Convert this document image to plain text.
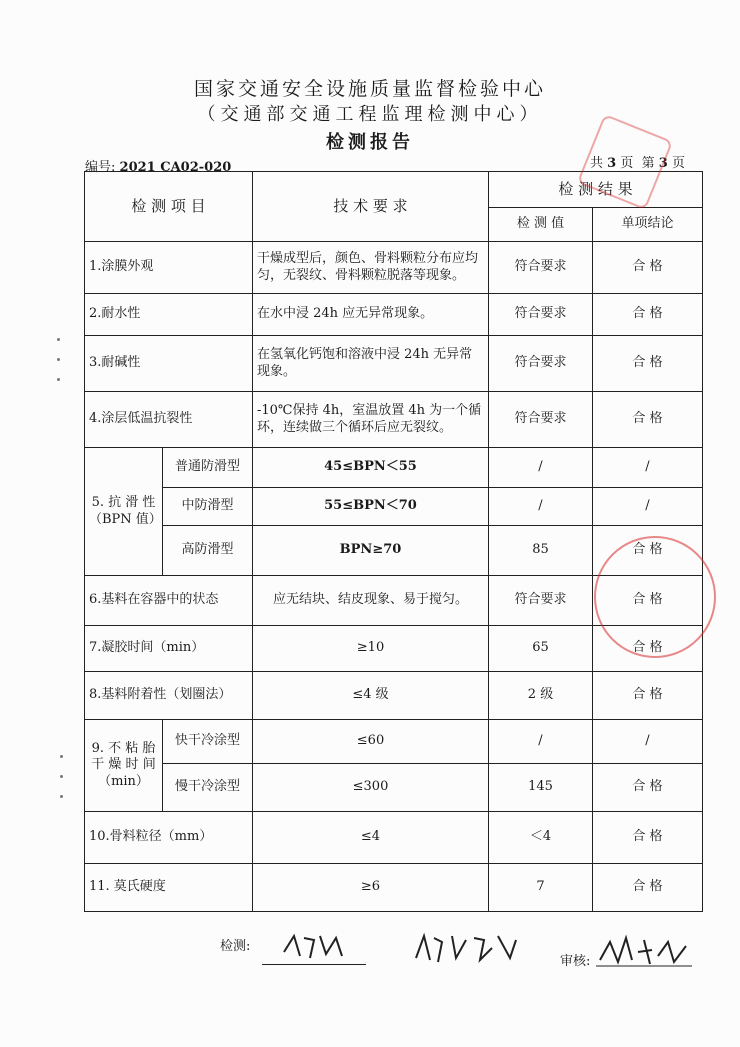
国家交通安全设施质量监督检验中心
（交通部交通工程监理检测中心）
检测报告
编号: 2021 CA02-020	共 3 页 第 3 页
检 测 项 目		技 术 要 求	检 测 结 果	
			检 测 值	单项结论
1.涂膜外观		干燥成型后，颜色、骨料颗粒分布应均匀，无裂纹、骨料颗粒脱落等现象。	符合要求	合 格
2.耐水性		在水中浸 24h 应无异常现象。	符合要求	合 格
3.耐碱性		在氢氧化钙饱和溶液中浸 24h 无异常现象。	符合要求	合 格
4.涂层低温抗裂性		-10℃保持 4h，室温放置 4h 为一个循环，连续做三个循环后应无裂纹。	符合要求	合 格
5. 抗 滑 性（BPN 值）	普通防滑型	45≤BPN＜55	/	/
	中防滑型	55≤BPN＜70	/	/
	高防滑型	BPN≥70	85	合 格
6.基料在容器中的状态		应无结块、结皮现象、易于搅匀。	符合要求	合 格
7.凝胶时间（min）		≥10	65	合 格
8.基料附着性（划圈法）		≤4 级	2 级	合 格
9. 不 粘 胎 干 燥 时 间（min）	快干冷涂型	≤60	/	/
	慢干冷涂型	≤300	145	合 格
10.骨料粒径（mm）		≤4	＜4	合 格
11. 莫氏硬度		≥6	7	合 格
检测:
审核:
